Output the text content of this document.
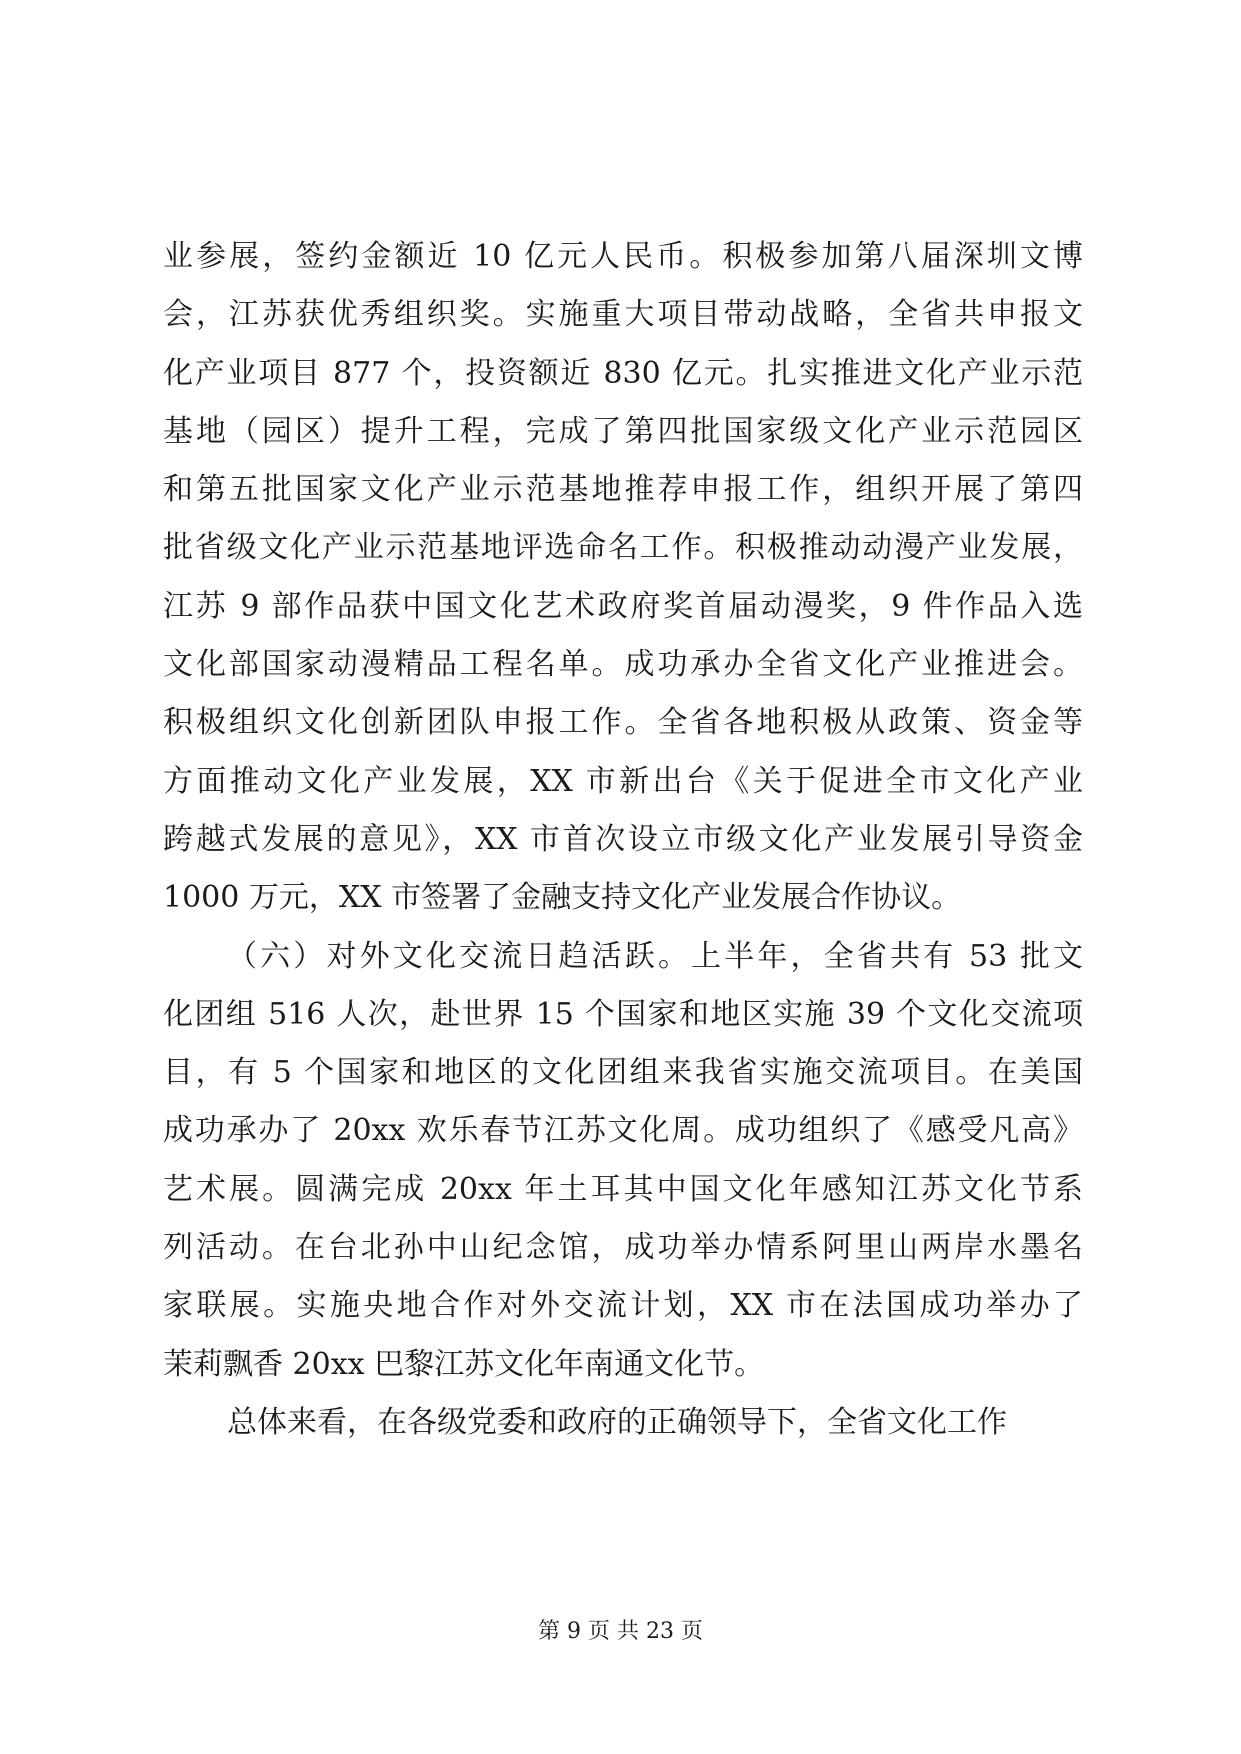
业参展，签约金额近 10 亿元人民币。积极参加第八届深圳文博
会，江苏获优秀组织奖。实施重大项目带动战略，全省共申报文
化产业项目 877 个，投资额近 830 亿元。扎实推进文化产业示范
基地（园区）提升工程，完成了第四批国家级文化产业示范园区
和第五批国家文化产业示范基地推荐申报工作，组织开展了第四
批省级文化产业示范基地评选命名工作。积极推动动漫产业发展，
江苏 9 部作品获中国文化艺术政府奖首届动漫奖，9 件作品入选
文化部国家动漫精品工程名单。成功承办全省文化产业推进会。
积极组织文化创新团队申报工作。全省各地积极从政策、资金等
方面推动文化产业发展，XX 市新出台《关于促进全市文化产业
跨越式发展的意见》，XX 市首次设立市级文化产业发展引导资金
1000 万元，XX 市签署了金融支持文化产业发展合作协议。
（六）对外文化交流日趋活跃。上半年，全省共有 53 批文
化团组 516 人次，赴世界 15 个国家和地区实施 39 个文化交流项
目，有 5 个国家和地区的文化团组来我省实施交流项目。在美国
成功承办了 20xx 欢乐春节江苏文化周。成功组织了《感受凡高》
艺术展。圆满完成 20xx 年土耳其中国文化年感知江苏文化节系
列活动。在台北孙中山纪念馆，成功举办情系阿里山两岸水墨名
家联展。实施央地合作对外交流计划，XX 市在法国成功举办了
茉莉飘香 20xx 巴黎江苏文化年南通文化节。
总体来看，在各级党委和政府的正确领导下，全省文化工作
第 9 页 共 23 页
